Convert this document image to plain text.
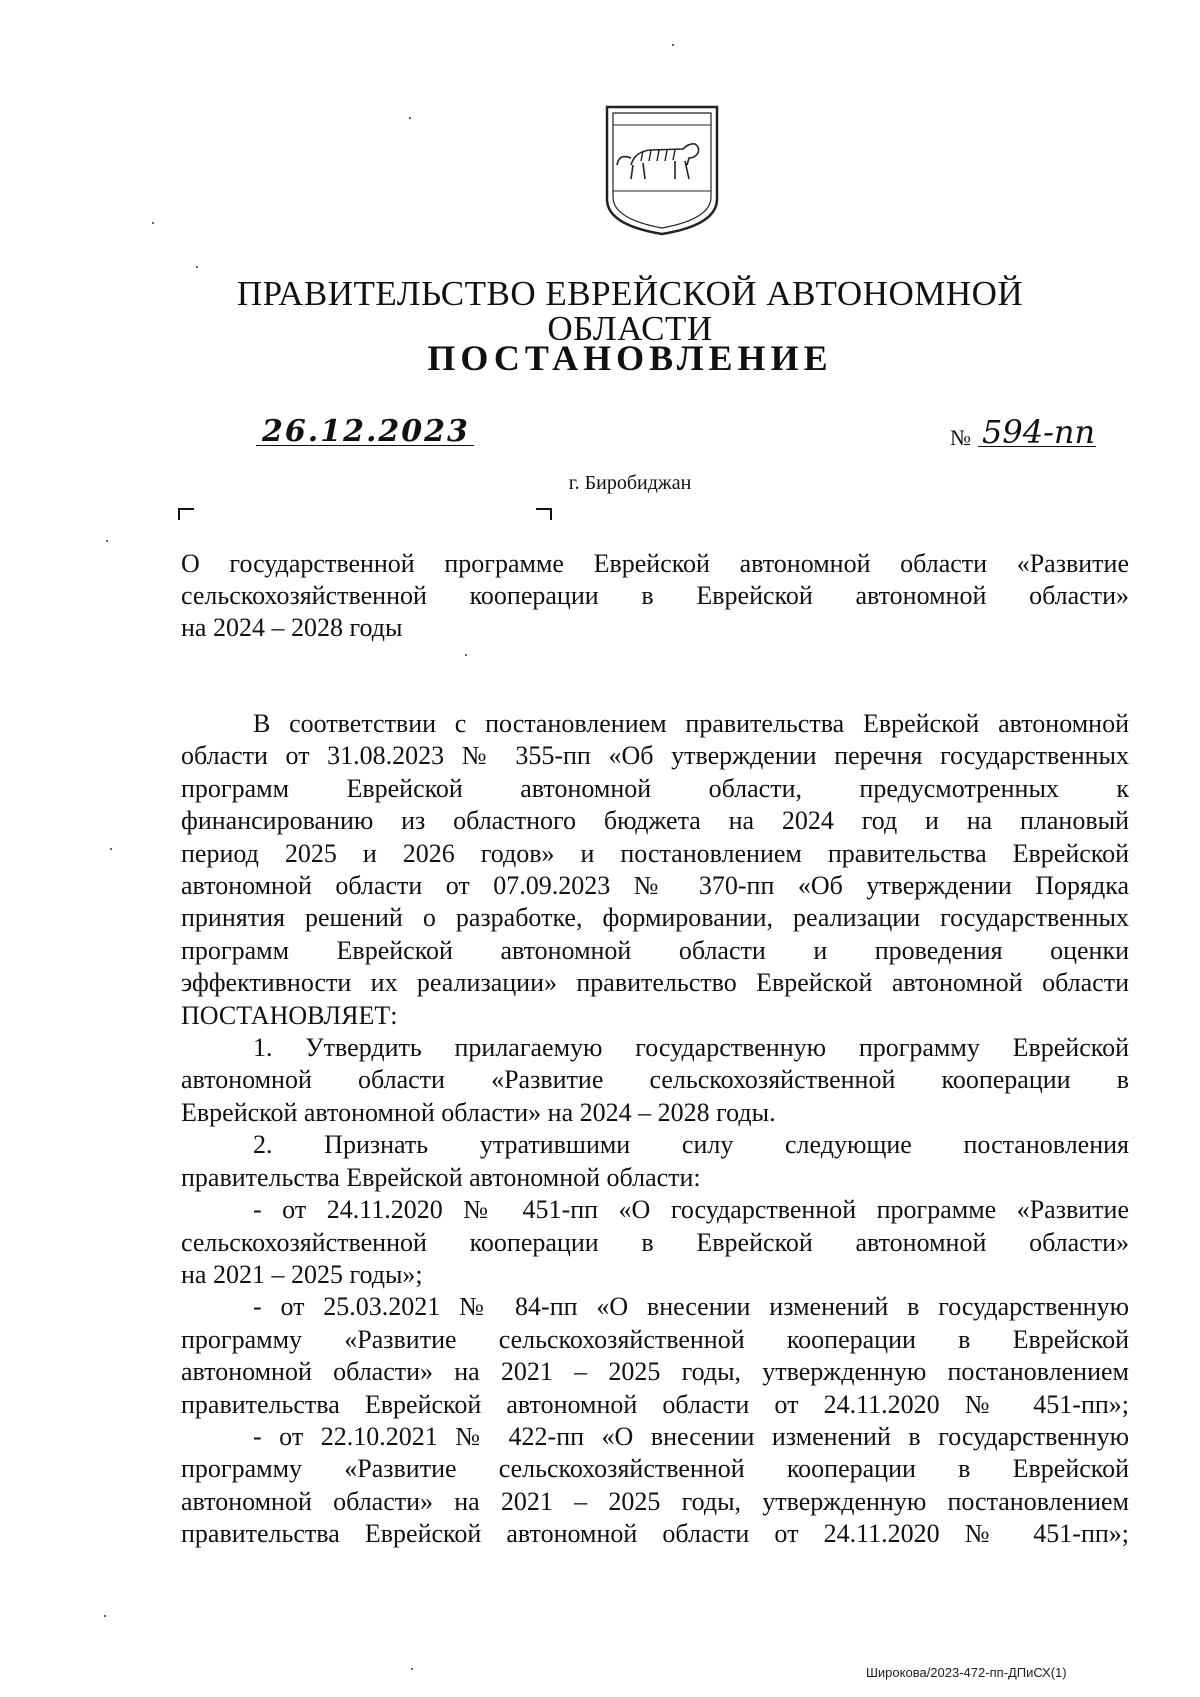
ПРАВИТЕЛЬСТВО ЕВРЕЙСКОЙ АВТОНОМНОЙ ОБЛАСТИ
ПОСТАНОВЛЕНИЕ
26.12.2023	№ 594-пп
г. Биробиджан
О государственной программе Еврейской автономной области «Развитие
сельскохозяйственной кооперации в Еврейской автономной области»
на 2024 – 2028 годы
В соответствии с постановлением правительства Еврейской автономной
области от 31.08.2023 № 355-пп «Об утверждении перечня государственных
программ Еврейской автономной области, предусмотренных к
финансированию из областного бюджета на 2024 год и на плановый
период 2025 и 2026 годов» и постановлением правительства Еврейской
автономной области от 07.09.2023 № 370-пп «Об утверждении Порядка
принятия решений о разработке, формировании, реализации государственных
программ Еврейской автономной области и проведения оценки
эффективности их реализации» правительство Еврейской автономной области
ПОСТАНОВЛЯЕТ:
1. Утвердить прилагаемую государственную программу Еврейской
автономной области «Развитие сельскохозяйственной кооперации в
Еврейской автономной области» на 2024 – 2028 годы.
2. Признать утратившими силу следующие постановления
правительства Еврейской автономной области:
- от 24.11.2020 № 451-пп «О государственной программе «Развитие
сельскохозяйственной кооперации в Еврейской автономной области»
на 2021 – 2025 годы»;
- от 25.03.2021 № 84-пп «О внесении изменений в государственную
программу «Развитие сельскохозяйственной кооперации в Еврейской
автономной области» на 2021 – 2025 годы, утвержденную постановлением
правительства Еврейской автономной области от 24.11.2020 № 451-пп»;
- от 22.10.2021 № 422-пп «О внесении изменений в государственную
программу «Развитие сельскохозяйственной кооперации в Еврейской
автономной области» на 2021 – 2025 годы, утвержденную постановлением
правительства Еврейской автономной области от 24.11.2020 № 451-пп»;
Широкова/2023-472-пп-ДПиСХ(1)
